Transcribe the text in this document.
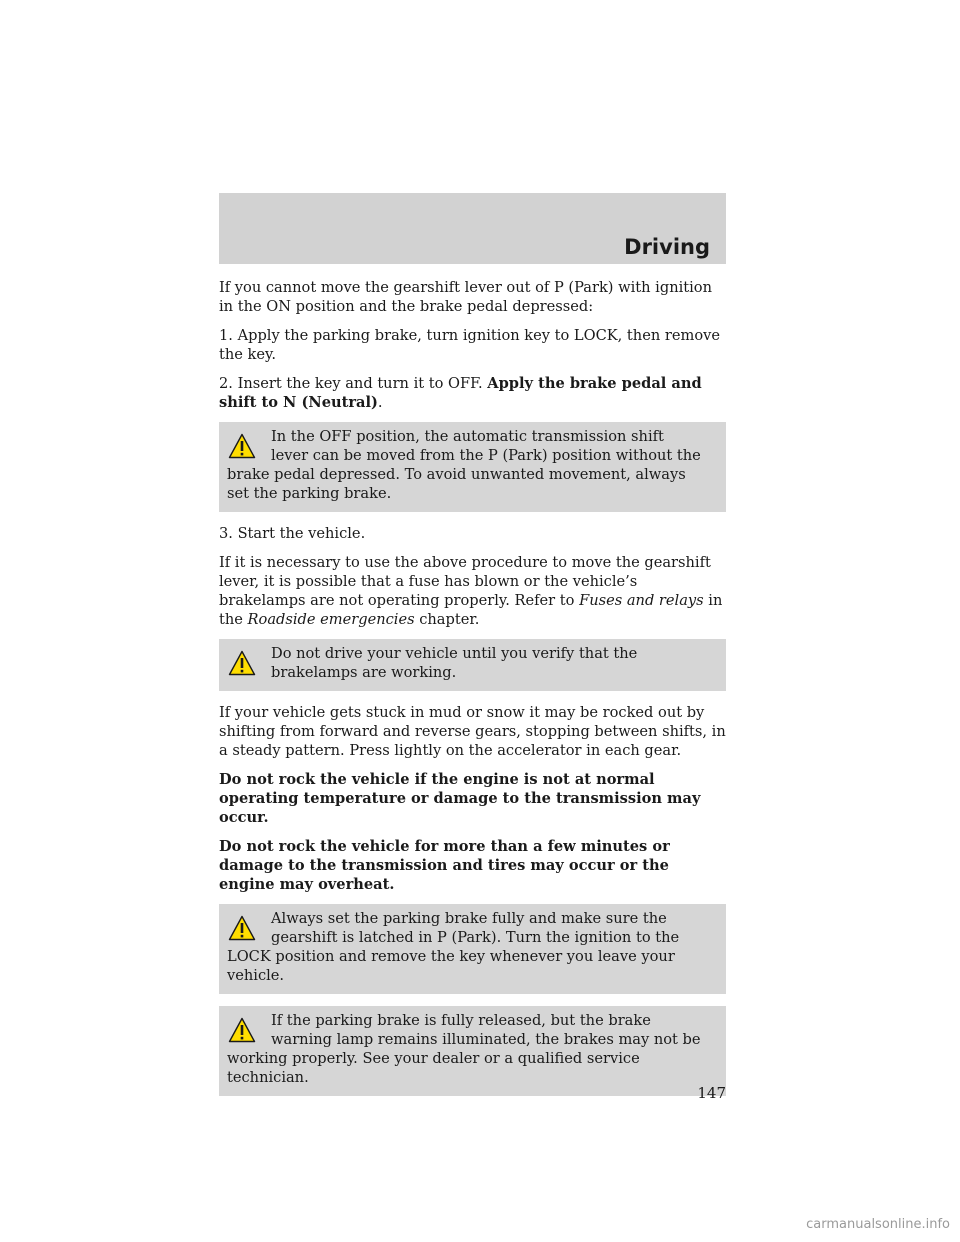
Driving

If you cannot move the gearshift lever out of P (Park) with ignition in the ON position and the brake pedal depressed:

1. Apply the parking brake, turn ignition key to LOCK, then remove the key.

2. Insert the key and turn it to OFF. Apply the brake pedal and shift to N (Neutral).

In the OFF position, the automatic transmission shift lever can be moved from the P (Park) position without the brake pedal depressed. To avoid unwanted movement, always set the parking brake.

3. Start the vehicle.

If it is necessary to use the above procedure to move the gearshift lever, it is possible that a fuse has blown or the vehicle’s brakelamps are not operating properly. Refer to Fuses and relays in the Roadside emergencies chapter.

Do not drive your vehicle until you verify that the brakelamps are working.

If your vehicle gets stuck in mud or snow it may be rocked out by shifting from forward and reverse gears, stopping between shifts, in a steady pattern. Press lightly on the accelerator in each gear.

Do not rock the vehicle if the engine is not at normal operating temperature or damage to the transmission may occur.

Do not rock the vehicle for more than a few minutes or damage to the transmission and tires may occur or the engine may overheat.

Always set the parking brake fully and make sure the gearshift is latched in P (Park). Turn the ignition to the LOCK position and remove the key whenever you leave your vehicle.
If the parking brake is fully released, but the brake warning lamp remains illuminated, the brakes may not be working properly. See your dealer or a qualified service technician.
147
carmanualsonline.info
